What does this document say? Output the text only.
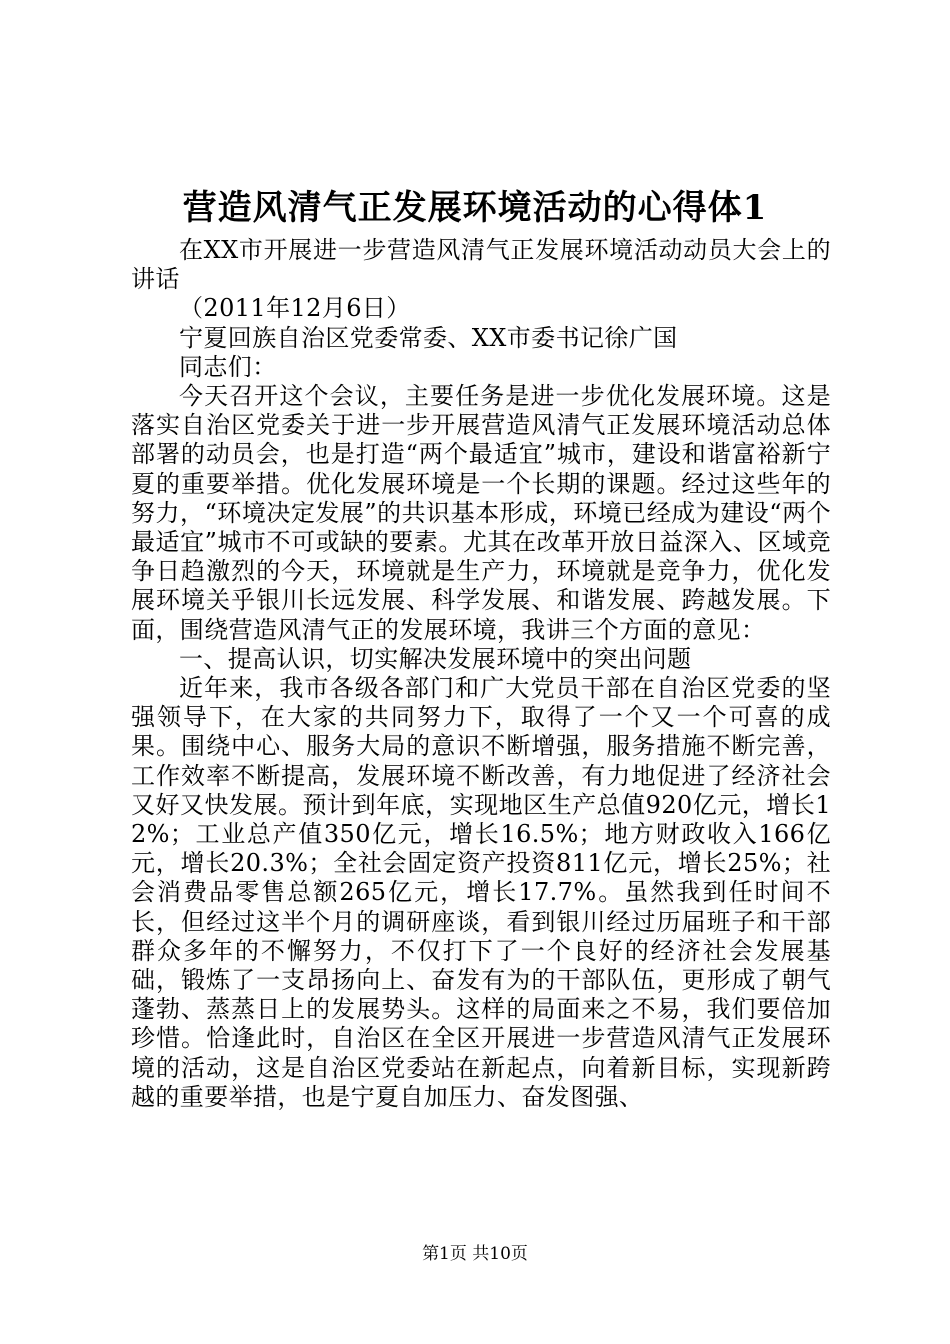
营造风清气正发展环境活动的心得体1

在XX市开展进一步营造风清气正发展环境活动动员大会上的讲话

（2011年12月6日）

宁夏回族自治区党委常委、XX市委书记徐广国

同志们：

今天召开这个会议，主要任务是进一步优化发展环境。这是落实自治区党委关于进一步开展营造风清气正发展环境活动总体部署的动员会，也是打造“两个最适宜”城市，建设和谐富裕新宁夏的重要举措。优化发展环境是一个长期的课题。经过这些年的努力，“环境决定发展”的共识基本形成，环境已经成为建设“两个最适宜”城市不可或缺的要素。尤其在改革开放日益深入、区域竞争日趋激烈的今天，环境就是生产力，环境就是竞争力，优化发展环境关乎银川长远发展、科学发展、和谐发展、跨越发展。下面，围绕营造风清气正的发展环境，我讲三个方面的意见：

一、提高认识，切实解决发展环境中的突出问题

近年来，我市各级各部门和广大党员干部在自治区党委的坚强领导下，在大家的共同努力下，取得了一个又一个可喜的成果。围绕中心、服务大局的意识不断增强，服务措施不断完善，工作效率不断提高，发展环境不断改善，有力地促进了经济社会又好又快发展。预计到年底，实现地区生产总值920亿元，增长12%；工业总产值350亿元，增长16.5%；地方财政收入166亿元，增长20.3%；全社会固定资产投资811亿元，增长25%；社会消费品零售总额265亿元，增长17.7%。虽然我到任时间不长，但经过这半个月的调研座谈，看到银川经过历届班子和干部群众多年的不懈努力，不仅打下了一个良好的经济社会发展基础，锻炼了一支昂扬向上、奋发有为的干部队伍，更形成了朝气蓬勃、蒸蒸日上的发展势头。这样的局面来之不易，我们要倍加珍惜。恰逢此时，自治区在全区开展进一步营造风清气正发展环境的活动，这是自治区党委站在新起点，向着新目标，实现新跨越的重要举措，也是宁夏自加压力、奋发图强、

第1页 共10页
